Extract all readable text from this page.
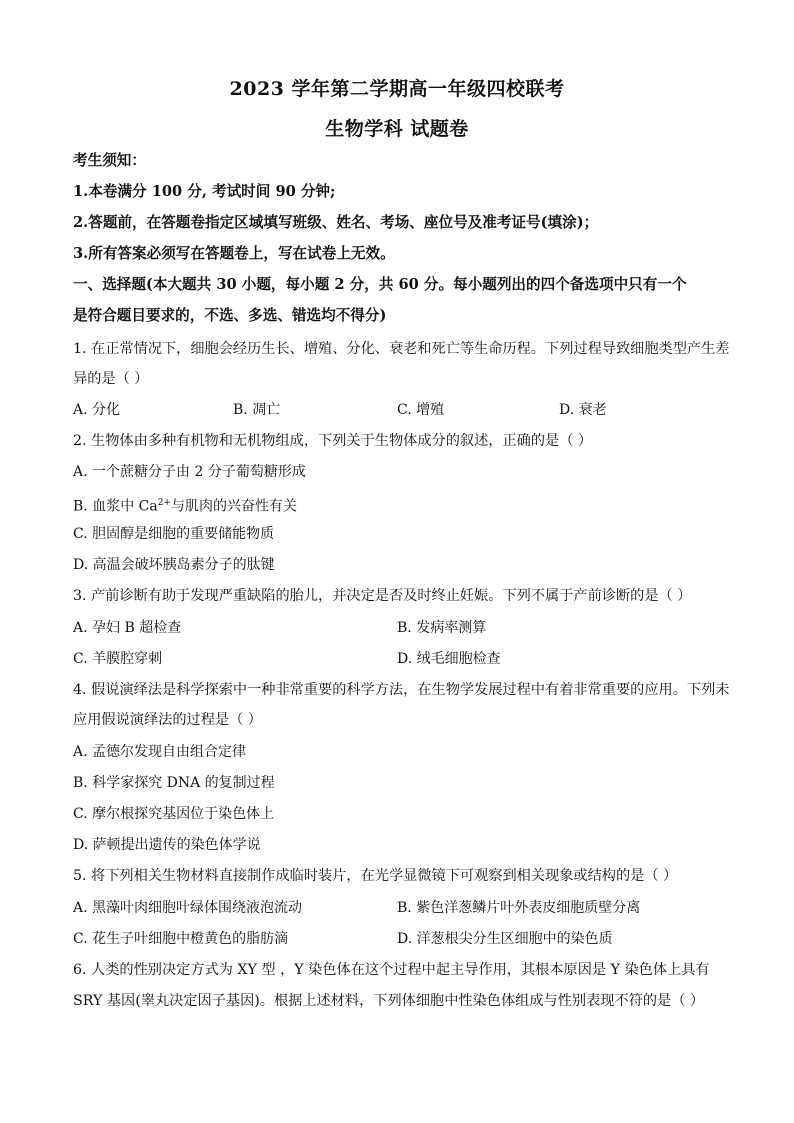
2023 学年第二学期高一年级四校联考
生物学科 试题卷
考生须知：
1.本卷满分 100 分, 考试时间 90 分钟;
2.答题前，在答题卷指定区域填写班级、姓名、考场、座位号及准考证号(填涂)；
3.所有答案必须写在答题卷上，写在试卷上无效。
一、选择题(本大题共 30 小题，每小题 2 分，共 60 分。每小题列出的四个备选项中只有一个
是符合题目要求的，不选、多选、错选均不得分)
1. 在正常情况下，细胞会经历生长、增殖、分化、衰老和死亡等生命历程。下列过程导致细胞类型产生差
异的是（ ）
A. 分化	B. 凋亡	C. 增殖	D. 衰老
2. 生物体由多种有机物和无机物组成，下列关于生物体成分的叙述，正确的是（ ）
A. 一个蔗糖分子由 2 分子葡萄糖形成
B. 血浆中 $Ca^{2+}$与肌肉的兴奋性有关
C. 胆固醇是细胞的重要储能物质
D. 高温会破坏胰岛素分子的肽键
3. 产前诊断有助于发现严重缺陷的胎儿，并决定是否及时终止妊娠。下列不属于产前诊断的是（ ）
A. 孕妇 B 超检查	B. 发病率测算
C. 羊膜腔穿刺	D. 绒毛细胞检查
4. 假说演绎法是科学探索中一种非常重要的科学方法，在生物学发展过程中有着非常重要的应用。下列未
应用假说演绎法的过程是（ ）
A. 孟德尔发现自由组合定律
B. 科学家探究 DNA 的复制过程
C. 摩尔根探究基因位于染色体上
D. 萨顿提出遗传的染色体学说
5. 将下列相关生物材料直接制作成临时装片，在光学显微镜下可观察到相关现象或结构的是（ ）
A. 黑藻叶肉细胞叶绿体围绕液泡流动	B. 紫色洋葱鳞片叶外表皮细胞质壁分离
C. 花生子叶细胞中橙黄色的脂肪滴	D. 洋葱根尖分生区细胞中的染色质
6. 人类的性别决定方式为 XY 型 ，Y 染色体在这个过程中起主导作用，其根本原因是 Y 染色体上具有
SRY 基因(睾丸决定因子基因)。根据上述材料，下列体细胞中性染色体组成与性别表现不符的是（ ）
